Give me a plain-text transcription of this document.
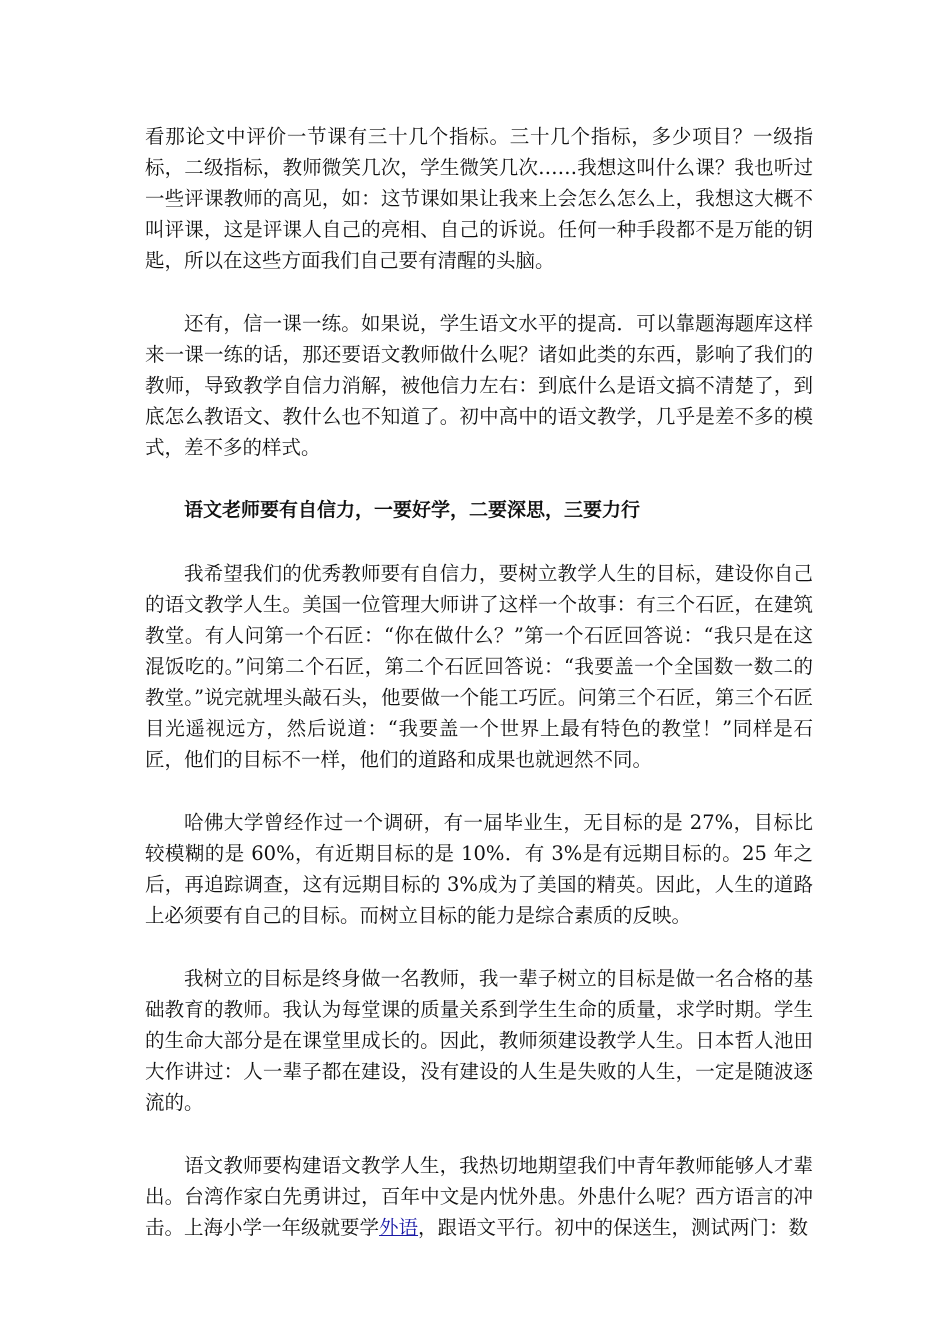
看那论文中评价一节课有三十几个指标。三十几个指标，多少项目？一级指标，二级指标，教师微笑几次，学生微笑几次……我想这叫什么课？我也听过一些评课教师的高见，如：这节课如果让我来上会怎么怎么上，我想这大概不叫评课，这是评课人自己的亮相、自己的诉说。任何一种手段都不是万能的钥匙，所以在这些方面我们自己要有清醒的头脑。

还有，信一课一练。如果说，学生语文水平的提高．可以靠题海题库这样来一课一练的话，那还要语文教师做什么呢？诸如此类的东西，影响了我们的教师，导致教学自信力消解，被他信力左右：到底什么是语文搞不清楚了，到底怎么教语文、教什么也不知道了。初中高中的语文教学，几乎是差不多的模式，差不多的样式。

语文老师要有自信力，一要好学，二要深思，三要力行

我希望我们的优秀教师要有自信力，要树立教学人生的目标，建设你自己的语文教学人生。美国一位管理大师讲了这样一个故事：有三个石匠，在建筑教堂。有人问第一个石匠：“你在做什么？”第一个石匠回答说：“我只是在这混饭吃的。”问第二个石匠，第二个石匠回答说：“我要盖一个全国数一数二的教堂。”说完就埋头敲石头，他要做一个能工巧匠。问第三个石匠，第三个石匠目光遥视远方，然后说道：“我要盖一个世界上最有特色的教堂！”同样是石匠，他们的目标不一样，他们的道路和成果也就迥然不同。

哈佛大学曾经作过一个调研，有一届毕业生，无目标的是 27%，目标比较模糊的是 60%，有近期目标的是 10%．有 3%是有远期目标的。25 年之后，再追踪调查，这有远期目标的 3%成为了美国的精英。因此，人生的道路上必须要有自己的目标。而树立目标的能力是综合素质的反映。

我树立的目标是终身做一名教师，我一辈子树立的目标是做一名合格的基础教育的教师。我认为每堂课的质量关系到学生生命的质量，求学时期。学生的生命大部分是在课堂里成长的。因此，教师须建设教学人生。日本哲人池田大作讲过：人一辈子都在建设，没有建设的人生是失败的人生，一定是随波逐流的。

语文教师要构建语文教学人生，我热切地期望我们中青年教师能够人才辈出。台湾作家白先勇讲过，百年中文是内忧外患。外患什么呢？西方语言的冲击。上海小学一年级就要学外语，跟语文平行。初中的保送生，测试两门：数
